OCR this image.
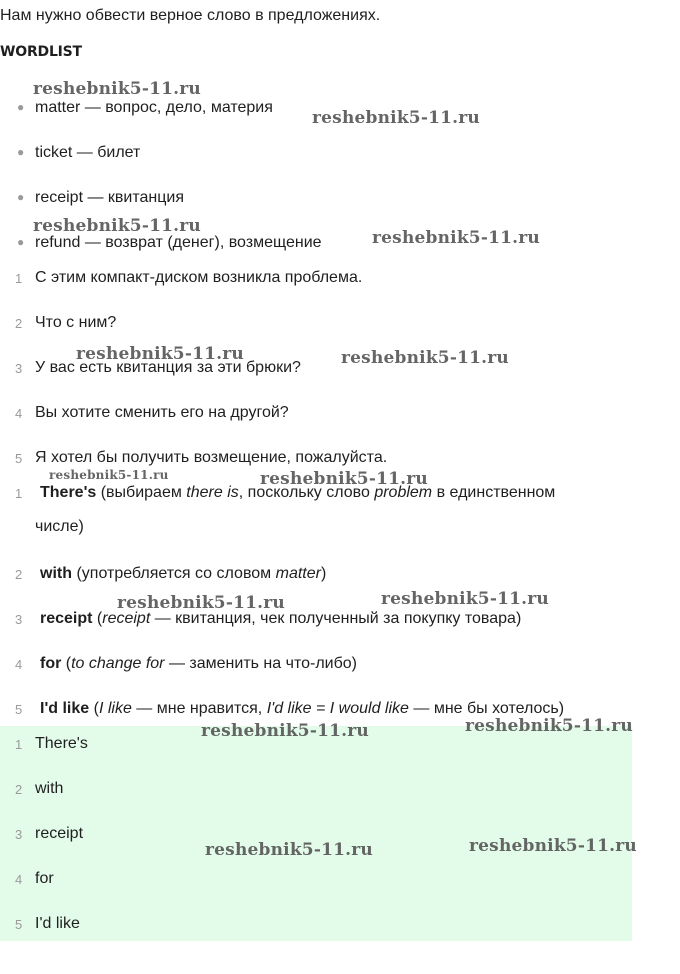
Нам нужно обвести верное слово в предложениях.
WORDLIST
● matter — вопрос, дело, материя
● ticket — билет
● receipt — квитанция
● refund — возврат (денег), возмещение
1 С этим компакт-диском возникла проблема.
2 Что с ним?
3 У вас есть квитанция за эти брюки?
4 Вы хотите сменить его на другой?
5 Я хотел бы получить возмещение, пожалуйста.
1 There's (выбираем there is, поскольку слово problem в единственном
числе)
2 with (употребляется со словом matter)
3 receipt (receipt — квитанция, чек полученный за покупку товара)
4 for (to change for — заменить на что-либо)
5 I'd like (I like — мне нравится, I'd like = I would like — мне бы хотелось)
1 There's
2 with
3 receipt
4 for
5 I'd like
reshebnik5-11.ru
reshebnik5-11.ru
reshebnik5-11.ru
reshebnik5-11.ru
reshebnik5-11.ru	reshebnik5-11.ru
reshebnik5-11.ru	reshebnik5-11.ru
reshebnik5-11.ru	reshebnik5-11.ru
reshebnik5-11.ru	reshebnik5-11.ru
reshebnik5-11.ru	reshebnik5-11.ru
